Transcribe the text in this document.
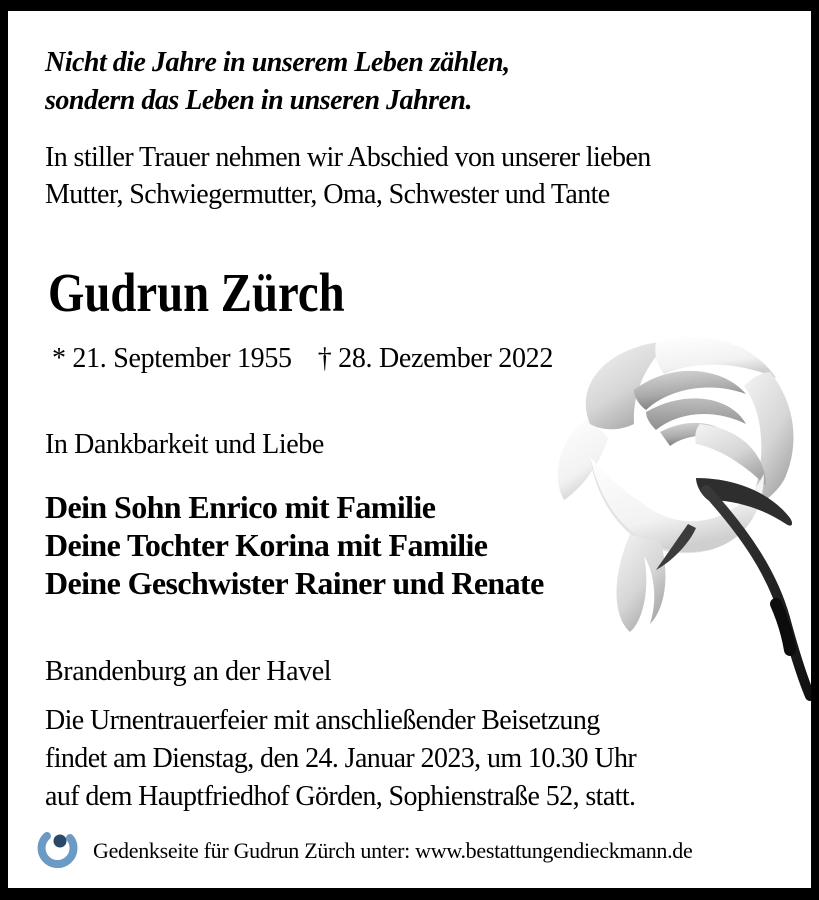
Nicht die Jahre in unserem Leben zählen,
sondern das Leben in unseren Jahren.
In stiller Trauer nehmen wir Abschied von unserer lieben
Mutter, Schwiegermutter, Oma, Schwester und Tante
Gudrun Zürch
* 21. September 1955 † 28. Dezember 2022
In Dankbarkeit und Liebe
Dein Sohn Enrico mit Familie
Deine Tochter Korina mit Familie
Deine Geschwister Rainer und Renate
Brandenburg an der Havel
Die Urnentrauerfeier mit anschließender Beisetzung
findet am Dienstag, den 24. Januar 2023, um 10.30 Uhr
auf dem Hauptfriedhof Görden, Sophienstraße 52, statt.
Gedenkseite für Gudrun Zürch unter: www.bestattungendieckmann.de
